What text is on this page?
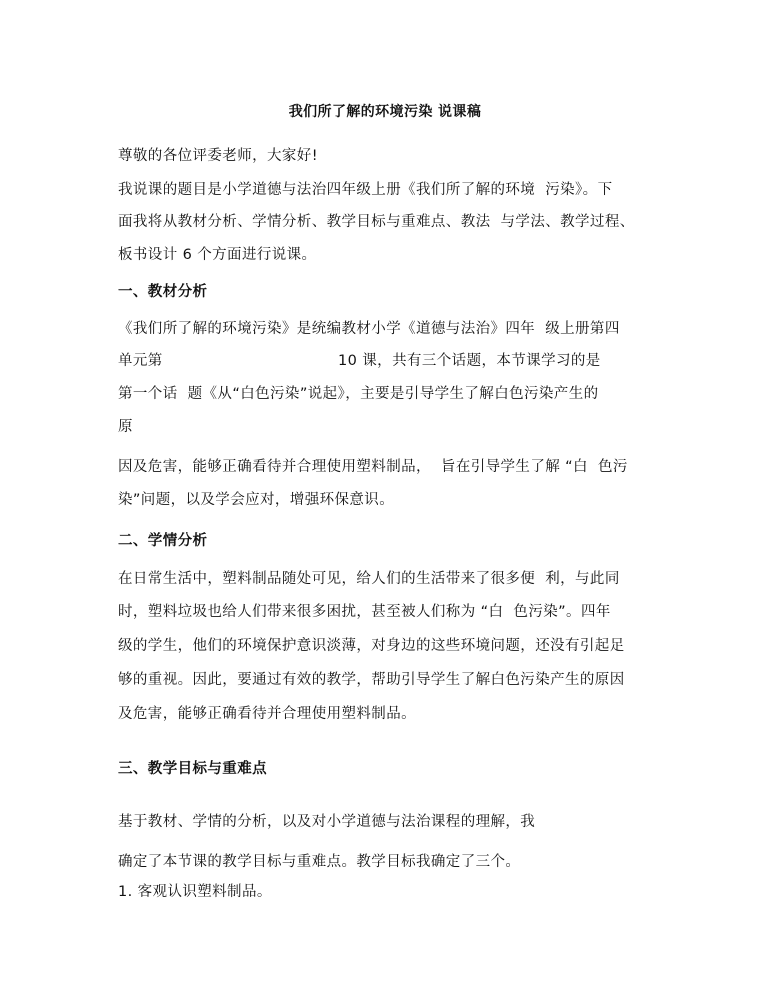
我们所了解的环境污染 说课稿
尊敬的各位评委老师，大家好!
我说课的题目是小学道德与法治四年级上册《我们所了解的环境  污染》。下
面我将从教材分析、学情分析、教学目标与重难点、教法  与学法、教学过程、
板书设计 6 个方面进行说课。
一、教材分析
《我们所了解的环境污染》是统编教材小学《道德与法治》四年  级上册第四
单元第                                   10 课，共有三个话题，本节课学习的是
第一个话  题《从“白色污染”说起》，主要是引导学生了解白色污染产生的
原
因及危害，能够正确看待并合理使用塑料制品，  旨在引导学生了解 “白  色污
染”问题，以及学会应对，增强环保意识。
二、学情分析
在日常生活中，塑料制品随处可见，给人们的生活带来了很多便  利，与此同
时，塑料垃圾也给人们带来很多困扰，甚至被人们称为 “白  色污染”。四年
级的学生，他们的环境保护意识淡薄，对身边的这些环境问题，还没有引起足
够的重视。因此，要通过有效的教学，帮助引导学生了解白色污染产生的原因
及危害，能够正确看待并合理使用塑料制品。
三、教学目标与重难点
基于教材、学情的分析，以及对小学道德与法治课程的理解，我
确定了本节课的教学目标与重难点。教学目标我确定了三个。
1. 客观认识塑料制品。
